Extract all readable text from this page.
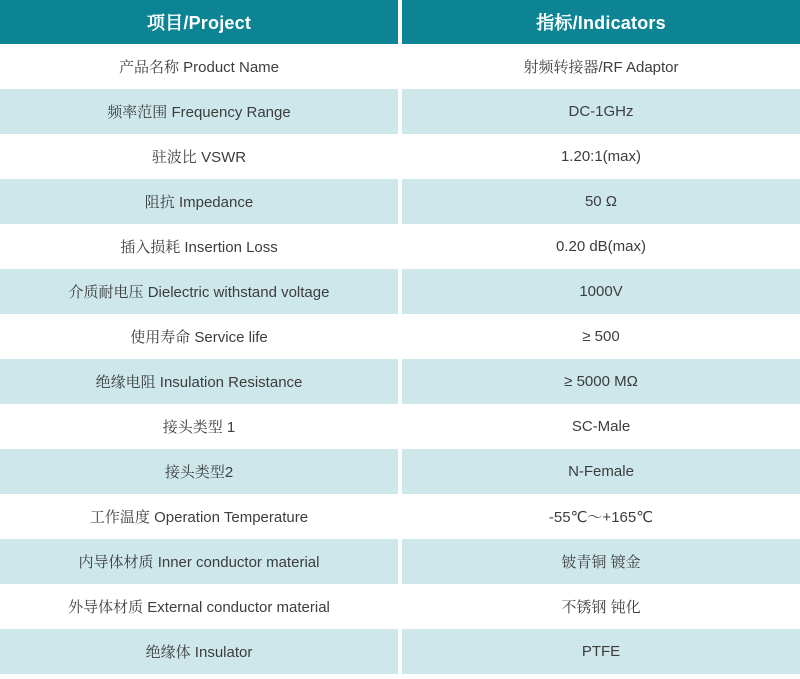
项目/Project	指标/Indicators
产品名称 Product Name	射频转接器/RF Adaptor
频率范围 Frequency Range	DC-1GHz
驻波比 VSWR	1.20:1(max)
阻抗 Impedance	50 Ω
插入损耗 Insertion Loss	0.20 dB(max)
介质耐电压 Dielectric withstand voltage	1000V
使用寿命 Service life	≥ 500
绝缘电阻 Insulation Resistance	≥ 5000 MΩ
接头类型 1	SC-Male
接头类型2	N-Female
工作温度 Operation Temperature	-55℃～+165℃
内导体材质 Inner conductor material	铍青铜 镀金
外导体材质 External conductor material	不锈钢 钝化
绝缘体 Insulator	PTFE
